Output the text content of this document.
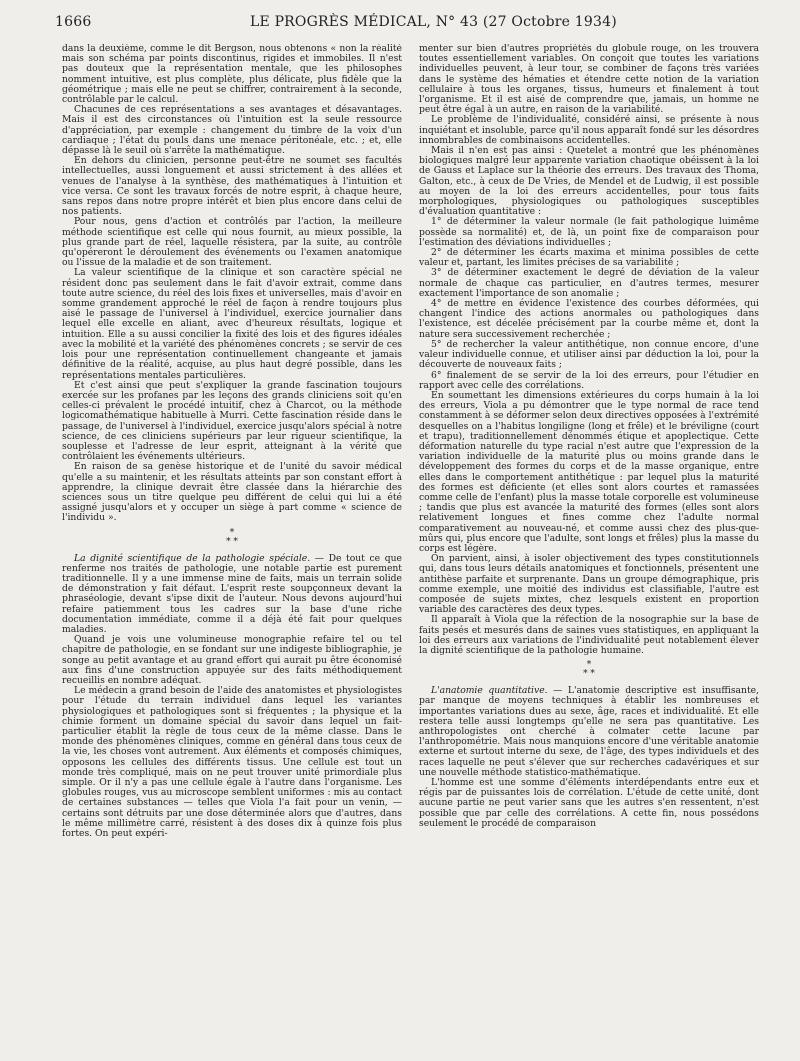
1666	LE PROGRÈS MÉDICAL, N° 43 (27 Octobre 1934)

dans la deuxième, comme le dit Bergson, nous obtenons « non la réalité mais son schéma par points discontinus, rigides et immobiles. Il n'est pas douteux que la représentation mentale, que les philosophes nomment intuitive, est plus complète, plus délicate, plus fidèle que la géométrique ; mais elle ne peut se chiffrer, contrairement à la seconde, contrôlable par le calcul.

Chacunes de ces représentations a ses avantages et désavantages. Mais il est des circonstances où l'intuition est la seule ressource d'appréciation, par exemple : changement du timbre de la voix d'un cardiaque ; l'état du pouls dans une menace péritonéale, etc. ; et, elle dépasse là le seuil où s'arrête la mathématique.

En dehors du clinicien, personne peut-être ne soumet ses facultés intellectuelles, aussi longuement et aussi strictement à des allées et venues de l'analyse à la synthèse, des mathématiques à l'intuition et vice versa. Ce sont les travaux forcés de notre esprit, à chaque heure, sans repos dans notre propre intérêt et bien plus encore dans celui de nos patients.

Pour nous, gens d'action et contrôlés par l'action, la meilleure méthode scientifique est celle qui nous fournit, au mieux possible, la plus grande part de réel, laquelle résistera, par la suite, au contrôle qu'opéreront le déroulement des événements ou l'examen anatomique ou l'issue de la maladie et de son traitement.

La valeur scientifique de la clinique et son caractère spécial ne résident donc pas seulement dans le fait d'avoir extrait, comme dans toute autre science, du réel des lois fixes et universelles, mais d'avoir en somme grandement approché le réel de façon à rendre toujours plus aisé le passage de l'universel à l'individuel, exercice journalier dans lequel elle excelle en aliant, avec d'heureux résultats, logique et intuition. Elle a su aussi concilier la fixité des lois et des figures idéales avec la mobilité et la variété des phénomènes concrets ; se servir de ces lois pour une représentation continuellement changeante et jamais définitive de la réalité, acquise, au plus haut degré possible, dans les représentations mentales particulières.

Et c'est ainsi que peut s'expliquer la grande fascination toujours exercée sur les profanes par les leçons des grands cliniciens soit qu'en celles-ci prévalent le procédé intuitif, chez à Charcot, ou la méthode logicomathématique habituelle à Murri. Cette fascination réside dans le passage, de l'universel à l'individuel, exercice jusqu'alors spécial à notre science, de ces cliniciens supérieurs par leur rigueur scientifique, la souplesse et l'adresse de leur esprit, atteignant à la vérité que contrôlaient les événements ultérieurs.

En raison de sa genèse historique et de l'unité du savoir médical qu'elle a su maintenir, et les résultats atteints par son constant effort à apprendre, la clinique devrait être classée dans la hiérarchie des sciences sous un titre quelque peu différent de celui qui lui a été assigné jusqu'alors et y occuper un siège à part comme « science de l'individu ».

*
* *

La dignité scientifique de la pathologie spéciale. — De tout ce que renferme nos traités de pathologie, une notable partie est purement traditionnelle. Il y a une immense mine de faits, mais un terrain solide de démonstration y fait défaut. L'esprit reste soupçonneux devant la phraséologie, devant s'ipse dixit de l'auteur. Nous devons aujourd'hui refaire patiemment tous les cadres sur la base d'une riche documentation immédiate, comme il a déjà été fait pour quelques maladies.

Quand je vois une volumineuse monographie refaire tel ou tel chapitre de pathologie, en se fondant sur une indigeste bibliographie, je songe au petit avantage et au grand effort qui aurait pu être économisé aux fins d'une construction appuyée sur des faits méthodiquement recueillis en nombre adéquat.

Le médecin a grand besoin de l'aide des anatomistes et physiologistes pour l'étude du terrain individuel dans lequel les variantes physiologiques et pathologiques sont si fréquentes ; la physique et la chimie forment un domaine spécial du savoir dans lequel un fait-particulier établit la règle de tous ceux de la même classe. Dans le monde des phénomènes cliniques, comme en général dans tous ceux de la vie, les choses vont autrement. Aux éléments et composés chimiques, opposons les cellules des différents tissus. Une cellule est tout un monde très compliqué, mais on ne peut trouver unité primordiale plus simple. Or il n'y a pas une cellule égale à l'autre dans l'organisme. Les globules rouges, vus au microscope semblent uniformes : mis au contact de certaines substances — telles que Viola l'a fait pour un venin, — certains sont détruits par une dose déterminée alors que d'autres, dans le même millimètre carré, résistent à des doses dix à quinze fois plus fortes. On peut expéri-

menter sur bien d'autres propriétés du globule rouge, on les trouvera toutes essentiellement variables. On conçoit que toutes les variations individuelles peuvent, à leur tour, se combiner de façons très variées dans le système des hématies et étendre cette notion de la variation cellulaire à tous les organes, tissus, humeurs et finalement à tout l'organisme. Et il est aisé de comprendre que, jamais, un homme ne peut être égal à un autre, en raison de la variabilité.

Le problème de l'individualité, considéré ainsi, se présente à nous inquiétant et insoluble, parce qu'il nous apparaît fondé sur les désordres innombrables de combinaisons accidentelles.

Mais il n'en est pas ainsi : Quetelet a montré que les phénomènes biologiques malgré leur apparente variation chaotique obéissent à la loi de Gauss et Laplace sur la théorie des erreurs. Des travaux des Thoma, Galton, etc., à ceux de De Vries, de Mendel et de Ludwig, il est possible au moyen de la loi des erreurs accidentelles, pour tous faits morphologiques, physiologiques ou pathologiques susceptibles d'évaluation quantitative :

1° de déterminer la valeur normale (le fait pathologique luimême possède sa normalité) et, de là, un point fixe de comparaison pour l'estimation des déviations individuelles ;

2° de déterminer les écarts maxima et minima possibles de cette valeur et, partant, les limites précises de sa variabilité ;

3° de déterminer exactement le degré de déviation de la valeur normale de chaque cas particulier, en d'autres termes, mesurer exactement l'importance de son anomalie ;

4° de mettre en évidence l'existence des courbes déformées, qui changent l'indice des actions anormales ou pathologiques dans l'existence, est décelée précisément par la courbe même et, dont la nature sera successivement recherchée ;

5° de rechercher la valeur antithétique, non connue encore, d'une valeur individuelle connue, et utiliser ainsi par déduction la loi, pour la découverte de nouveaux faits ;

6° finalement de se servir de la loi des erreurs, pour l'étudier en rapport avec celle des corrélations.

En soumettant les dimensions extérieures du corps humain à la loi des erreurs, Viola a pu démontrer que le type normal de race tend constamment à se déformer selon deux directives opposées à l'extrémité desquelles on a l'habitus longiligne (long et frêle) et le bréviligne (court et trapu), traditionnellement dénommés étique et apoplectique. Cette déformation naturelle du type racial n'est autre que l'expression de la variation individuelle de la maturité plus ou moins grande dans le développement des formes du corps et de la masse organique, entre elles dans le comportement antithétique : par lequel plus la maturité des formes est déficiente (et elles sont alors courtes et ramassées comme celle de l'enfant) plus la masse totale corporelle est volumineuse ; tandis que plus est avancée la maturité des formes (elles sont alors relativement longues et fines comme chez l'adulte normal comparativement au nouveau-né, et comme aussi chez des plus-que-mûrs qui, plus encore que l'adulte, sont longs et frêles) plus la masse du corps est légère.

On parvient, ainsi, à isoler objectivement des types constitutionnels qui, dans tous leurs détails anatomiques et fonctionnels, présentent une antithèse parfaite et surprenante. Dans un groupe démographique, pris comme exemple, une moitié des individus est classifiable, l'autre est composée de sujets mixtes, chez lesquels existent en proportion variable des caractères des deux types.

Il apparaît à Viola que la réfection de la nosographie sur la base de faits pesés et mesurés dans de saines vues statistiques, en appliquant la loi des erreurs aux variations de l'individualité peut notablement élever la dignité scientifique de la pathologie humaine.

*
* *

L'anatomie quantitative. — L'anatomie descriptive est insuffisante, par manque de moyens techniques à établir les nombreuses et importantes variations dues au sexe, âge, races et individualité. Et elle restera telle aussi longtemps qu'elle ne sera pas quantitative. Les anthropologistes ont cherché à colmater cette lacune par l'anthropométrie. Mais nous manquions encore d'une véritable anatomie externe et surtout interne du sexe, de l'âge, des types individuels et des races laquelle ne peut s'élever que sur recherches cadavériques et sur une nouvelle méthode statistico-mathématique.

L'homme est une somme d'éléments interdépendants entre eux et régis par de puissantes lois de corrélation. L'étude de cette unité, dont aucune partie ne peut varier sans que les autres s'en ressentent, n'est possible que par celle des corrélations. A cette fin, nous possédons seulement le procédé de comparaison
